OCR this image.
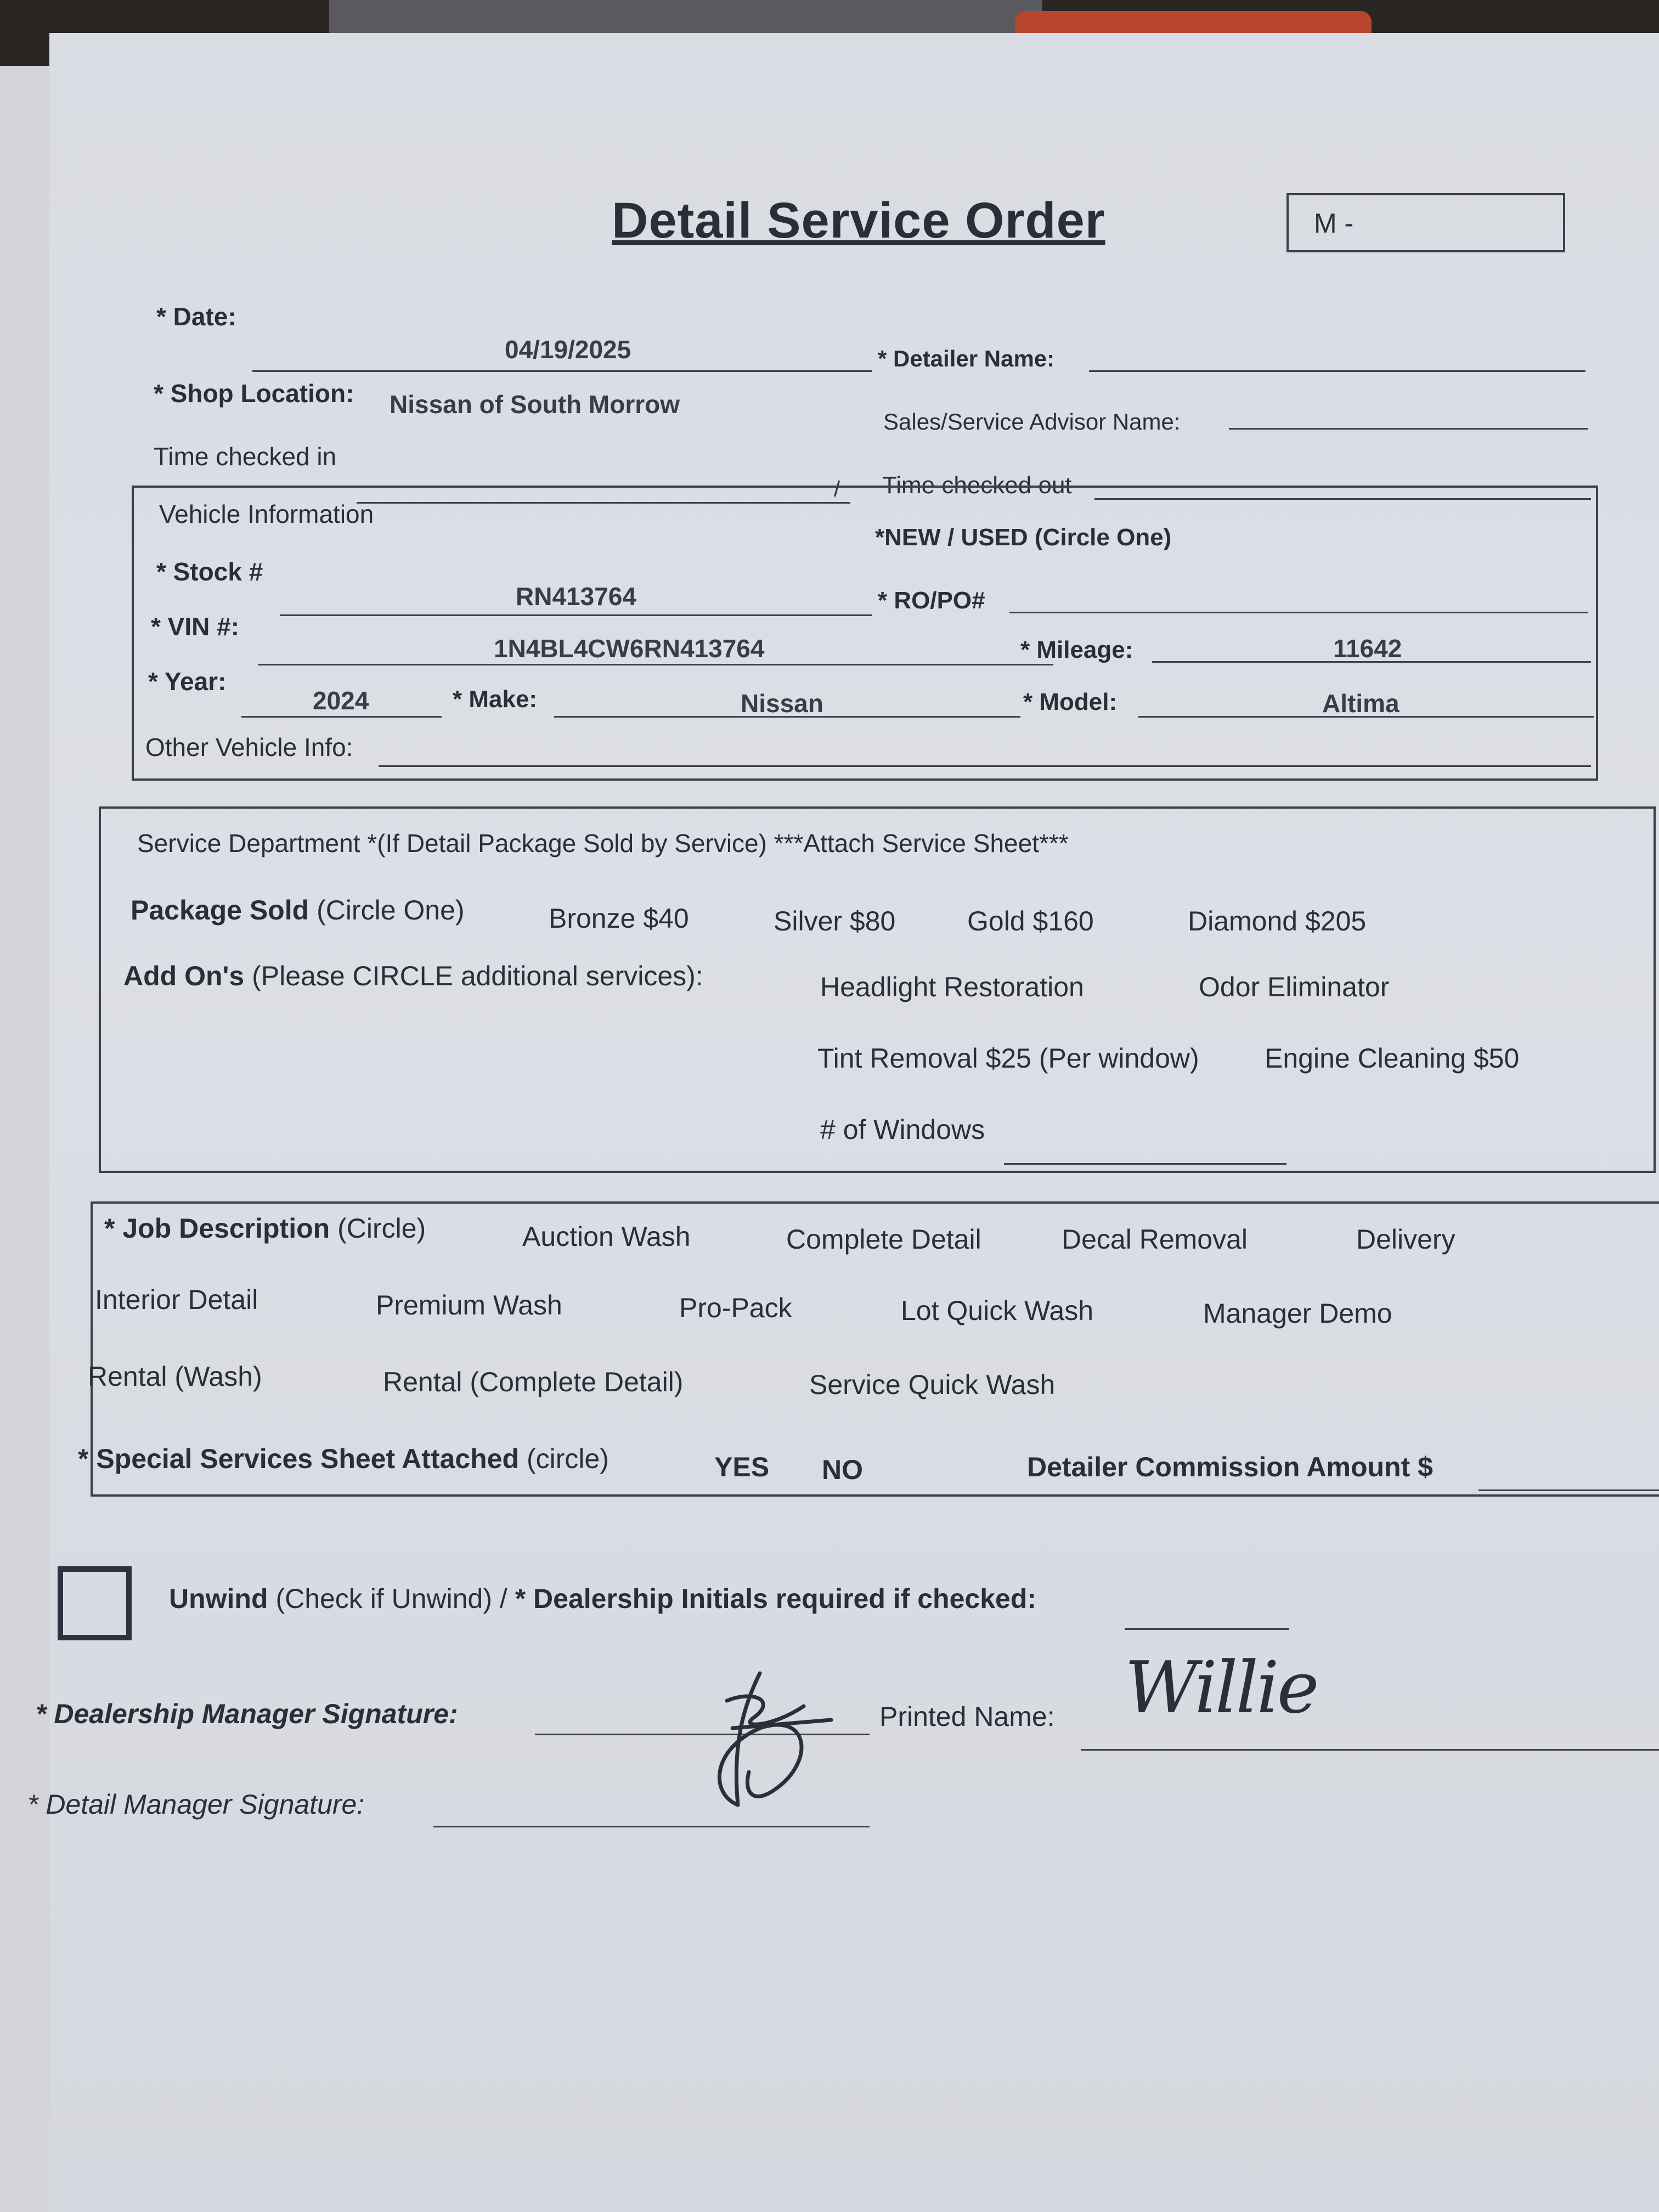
Detail Service Order	M -
* Date:
04/19/2025	* Detailer Name:
* Shop Location: Nissan of South Morrow
Sales/Service Advisor Name:
Time checked in
/ Time checked out
Vehicle Information
*NEW / USED (Circle One)
* Stock #
RN413764	* RO/PO#
* VIN #:
1N4BL4CW6RN413764	* Mileage:	11642
* Year:
2024	* Make:	Nissan	* Model:	Altima
Other Vehicle Info:
Service Department *(If Detail Package Sold by Service) ***Attach Service Sheet***
Package Sold (Circle One)	Bronze $40	Silver $80	Gold $160	Diamond $205
Add On's (Please CIRCLE additional services):	Headlight Restoration	Odor Eliminator
Tint Removal $25 (Per window) Engine Cleaning $50
# of Windows
* Job Description (Circle)	Auction Wash	Complete Detail	Decal Removal	Delivery
Interior Detail	Premium Wash	Pro-Pack	Lot Quick Wash	Manager Demo
Rental (Wash)	Rental (Complete Detail)	Service Quick Wash
* Special Services Sheet Attached (circle)	YES NO	Detailer Commission Amount $
Unwind (Check if Unwind) / * Dealership Initials required if checked:
* Dealership Manager Signature:	Printed Name: Willie
* Detail Manager Signature:
